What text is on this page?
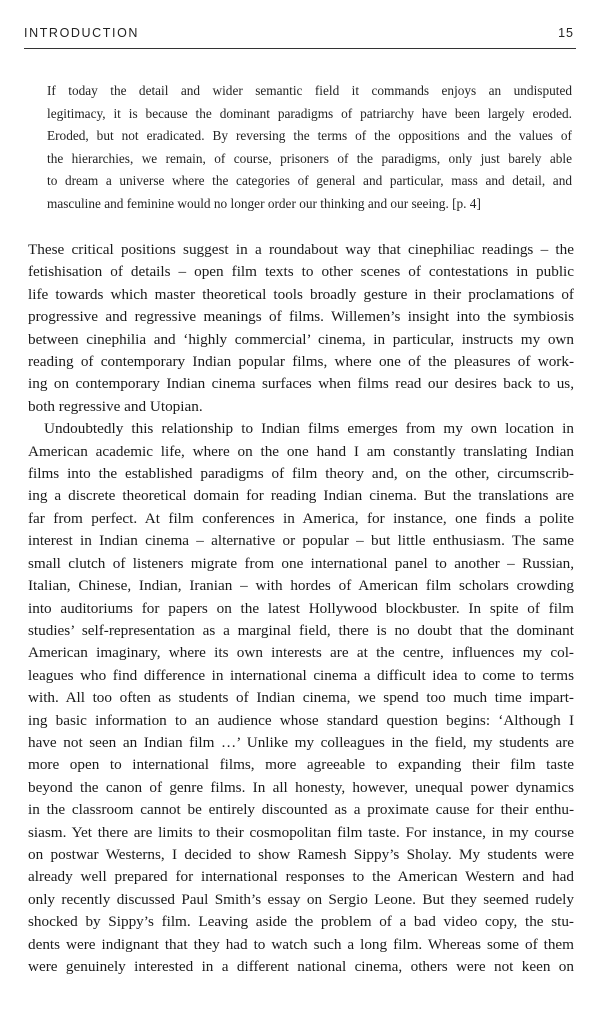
INTRODUCTION	15
If today the detail and wider semantic field it commands enjoys an undisputed
legitimacy, it is because the dominant paradigms of patriarchy have been largely eroded.
Eroded, but not eradicated. By reversing the terms of the oppositions and the values of
the hierarchies, we remain, of course, prisoners of the paradigms, only just barely able
to dream a universe where the categories of general and particular, mass and detail, and
masculine and feminine would no longer order our thinking and our seeing. [p. 4]
These critical positions suggest in a roundabout way that cinephiliac readings – the
fetishisation of details – open film texts to other scenes of contestations in public
life towards which master theoretical tools broadly gesture in their proclamations of
progressive and regressive meanings of films. Willemen’s insight into the symbiosis
between cinephilia and ‘highly commercial’ cinema, in particular, instructs my own
reading of contemporary Indian popular films, where one of the pleasures of work-
ing on contemporary Indian cinema surfaces when films read our desires back to us,
both regressive and Utopian.
Undoubtedly this relationship to Indian films emerges from my own location in
American academic life, where on the one hand I am constantly translating Indian
films into the established paradigms of film theory and, on the other, circumscrib-
ing a discrete theoretical domain for reading Indian cinema. But the translations are
far from perfect. At film conferences in America, for instance, one finds a polite
interest in Indian cinema – alternative or popular – but little enthusiasm. The same
small clutch of listeners migrate from one international panel to another – Russian,
Italian, Chinese, Indian, Iranian – with hordes of American film scholars crowding
into auditoriums for papers on the latest Hollywood blockbuster. In spite of film
studies’ self-representation as a marginal field, there is no doubt that the dominant
American imaginary, where its own interests are at the centre, influences my col-
leagues who find difference in international cinema a difficult idea to come to terms
with. All too often as students of Indian cinema, we spend too much time impart-
ing basic information to an audience whose standard question begins: ‘Although I
have not seen an Indian film …’ Unlike my colleagues in the field, my students are
more open to international films, more agreeable to expanding their film taste
beyond the canon of genre films. In all honesty, however, unequal power dynamics
in the classroom cannot be entirely discounted as a proximate cause for their enthu-
siasm. Yet there are limits to their cosmopolitan film taste. For instance, in my course
on postwar Westerns, I decided to show Ramesh Sippy’s Sholay. My students were
already well prepared for international responses to the American Western and had
only recently discussed Paul Smith’s essay on Sergio Leone. But they seemed rudely
shocked by Sippy’s film. Leaving aside the problem of a bad video copy, the stu-
dents were indignant that they had to watch such a long film. Whereas some of them
were genuinely interested in a different national cinema, others were not keen on
